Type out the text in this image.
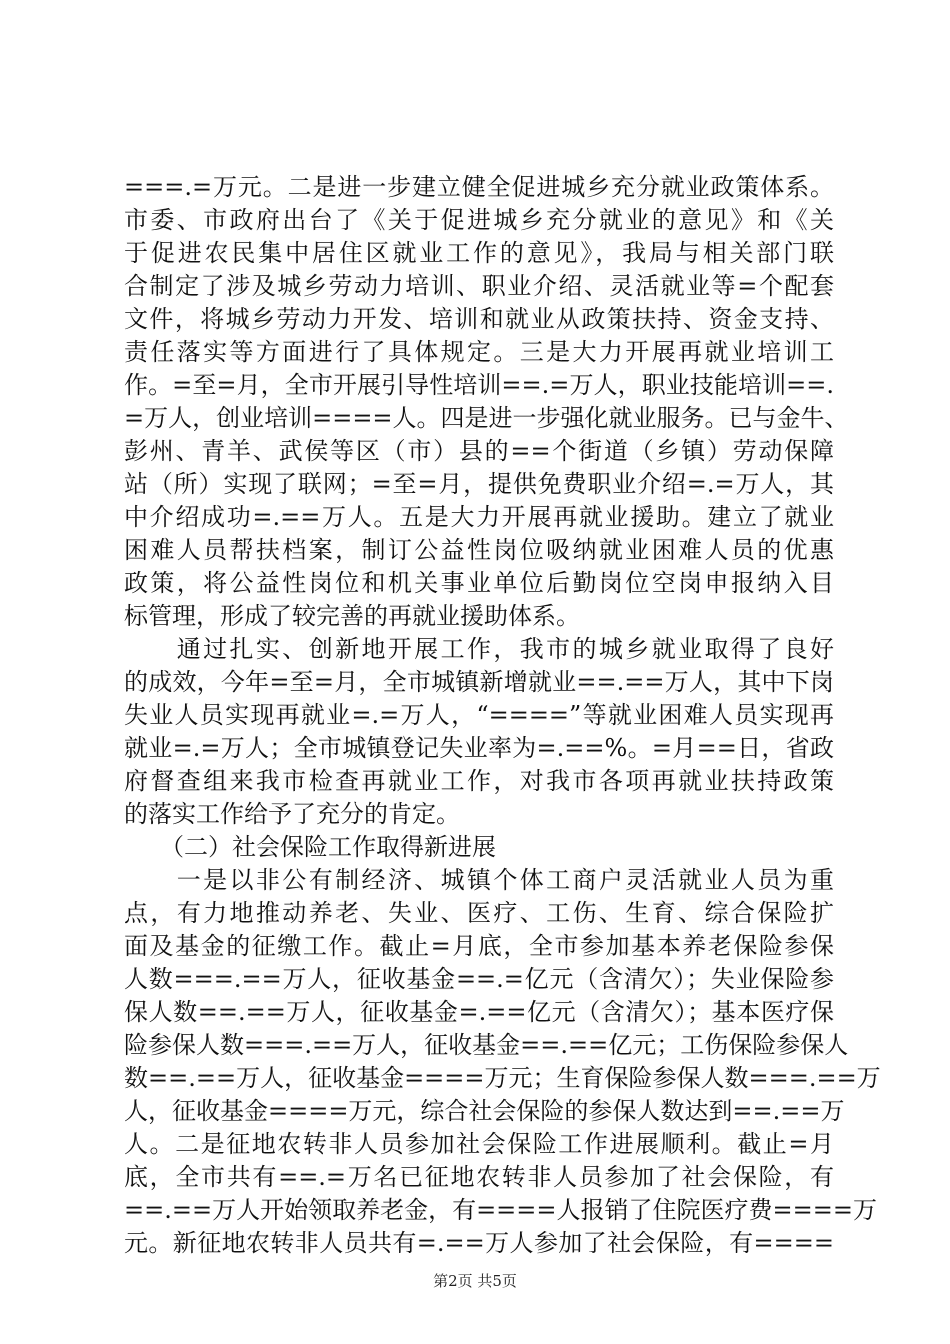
===.=万元。二是进一步建立健全促进城乡充分就业政策体系。
市委、市政府出台了《关于促进城乡充分就业的意见》和《关
于促进农民集中居住区就业工作的意见》，我局与相关部门联
合制定了涉及城乡劳动力培训、职业介绍、灵活就业等=个配套
文件，将城乡劳动力开发、培训和就业从政策扶持、资金支持、
责任落实等方面进行了具体规定。三是大力开展再就业培训工
作。=至=月，全市开展引导性培训==.=万人，职业技能培训==.
=万人，创业培训====人。四是进一步强化就业服务。已与金牛、
彭州、青羊、武侯等区（市）县的==个街道（乡镇）劳动保障
站（所）实现了联网；=至=月，提供免费职业介绍=.=万人，其
中介绍成功=.==万人。五是大力开展再就业援助。建立了就业
困难人员帮扶档案，制订公益性岗位吸纳就业困难人员的优惠
政策，将公益性岗位和机关事业单位后勤岗位空岗申报纳入目
标管理，形成了较完善的再就业援助体系。
　　通过扎实、创新地开展工作，我市的城乡就业取得了良好
的成效，今年=至=月，全市城镇新增就业==.==万人，其中下岗
失业人员实现再就业=.=万人，“====”等就业困难人员实现再
就业=.=万人；全市城镇登记失业率为=.==%。=月==日，省政
府督查组来我市检查再就业工作，对我市各项再就业扶持政策
的落实工作给予了充分的肯定。
　　（二）社会保险工作取得新进展
　　一是以非公有制经济、城镇个体工商户灵活就业人员为重
点，有力地推动养老、失业、医疗、工伤、生育、综合保险扩
面及基金的征缴工作。截止=月底，全市参加基本养老保险参保
人数===.==万人，征收基金==.=亿元（含清欠）；失业保险参
保人数==.==万人，征收基金=.==亿元（含清欠）；基本医疗保
险参保人数===.==万人，征收基金==.==亿元；工伤保险参保人
数==.==万人，征收基金====万元；生育保险参保人数===.==万
人，征收基金====万元，综合社会保险的参保人数达到==.==万
人。二是征地农转非人员参加社会保险工作进展顺利。截止=月
底，全市共有==.=万名已征地农转非人员参加了社会保险，有
==.==万人开始领取养老金，有====人报销了住院医疗费====万
元。新征地农转非人员共有=.==万人参加了社会保险，有====
第2页 共5页
